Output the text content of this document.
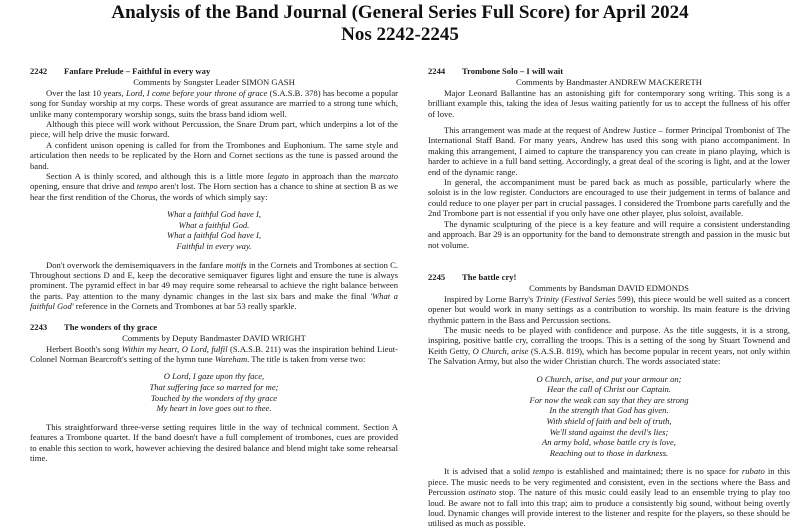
Analysis of the Band Journal (General Series Full Score) for April 2024
Nos 2242-2245
2242 Fanfare Prelude – Faithful in every way
Comments by Songster Leader SIMON GASH

Over the last 10 years, Lord, I come before your throne of grace (S.A.S.B. 378) has become a popular song for Sunday worship at my corps. These words of great assurance are married to a strong tune which, unlike many contemporary worship songs, suits the brass band idiom well.

Although this piece will work without Percussion, the Snare Drum part, which underpins a lot of the piece, will help drive the music forward.

A confident unison opening is called for from the Trombones and Euphonium. The same style and articulation then needs to be replicated by the Horn and Cornet sections as the tune is passed around the band.

Section A is thinly scored, and although this is a little more legato in approach than the marcato opening, ensure that drive and tempo aren't lost. The Horn section has a chance to shine at section B as we hear the first rendition of the Chorus, the words of which simply say:

What a faithful God have I,
What a faithful God.
What a faithful God have I,
Faithful in every way.

Don't overwork the demisemiquavers in the fanfare motifs in the Cornets and Trombones at section C. Throughout sections D and E, keep the decorative semiquaver figures light and ensure the tune is always prominent. The pyramid effect in bar 49 may require some rehearsal to achieve the right balance between the parts. Pay attention to the many dynamic changes in the last six bars and make the final 'What a faithful God' reference in the Cornets and Trombones at bar 53 really sparkle.

2243 The wonders of thy grace
Comments by Deputy Bandmaster DAVID WRIGHT

Herbert Booth's song Within my heart, O Lord, fulfil (S.A.S.B. 211) was the inspiration behind Lieut-Colonel Norman Bearcroft's setting of the hymn tune Wareham. The title is taken from verse two:

O Lord, I gaze upon thy face,
That suffering face so marred for me;
Touched by the wonders of thy grace
My heart in love goes out to thee.

This straightforward three-verse setting requires little in the way of technical comment. Section A features a Trombone quartet. If the band doesn't have a full complement of trombones, cues are provided to enable this section to work, however achieving the desired balance and blend might take some rehearsal time.

2244 Trombone Solo – I will wait
Comments by Bandmaster ANDREW MACKERETH

Major Leonard Ballantine has an astonishing gift for contemporary song writing. This song is a brilliant example this, taking the idea of Jesus waiting patiently for us to accept the fullness of his offer of love.

This arrangement was made at the request of Andrew Justice – former Principal Trombonist of The International Staff Band. For many years, Andrew has used this song with piano accompaniment. In making this arrangement, I aimed to capture the transparency you can create in piano playing, which is harder to achieve in a full band setting. Accordingly, a great deal of the scoring is light, and at the lower end of the dynamic range.

In general, the accompaniment must be pared back as much as possible, particularly where the soloist is in the low register. Conductors are encouraged to use their judgement in terms of balance and could reduce to one player per part in crucial passages. I considered the Trombone parts carefully and the 2nd Trombone part is not essential if you only have one other player, plus soloist, available.

The dynamic sculpturing of the piece is a key feature and will require a consistent understanding and approach. Bar 29 is an opportunity for the band to demonstrate strength and passion in the music but not volume.

2245 The battle cry!
Comments by Bandsman DAVID EDMONDS

Inspired by Lorne Barry's Trinity (Festival Series 599), this piece would be well suited as a concert opener but would work in many settings as a contribution to worship. Its main feature is the driving rhythmic pattern in the Bass and Percussion sections.

The music needs to be played with confidence and purpose. As the title suggests, it is a strong, inspiring, positive battle cry, corralling the troops. This is a setting of the song by Stuart Townend and Keith Getty, O Church, arise (S.A.S.B. 819), which has become popular in recent years, not only within The Salvation Army, but also the wider Christian church. The words associated state:

O Church, arise, and put your armour on;
Hear the call of Christ our Captain.
For now the weak can say that they are strong
In the strength that God has given.
With shield of faith and belt of truth,
We'll stand against the devil's lies;
An army bold, whose battle cry is love,
Reaching out to those in darkness.

It is advised that a solid tempo is established and maintained; there is no space for rubato in this piece. The music needs to be very regimented and consistent, even in the sections where the Bass and Percussion ostinato stop. The nature of this music could easily lead to an ensemble trying to play too loud. Be aware not to fall into this trap; aim to produce a consistently big sound, without being overtly loud. Dynamic changes will provide interest to the listener and respite for the players, so these should be utilised as much as possible.
